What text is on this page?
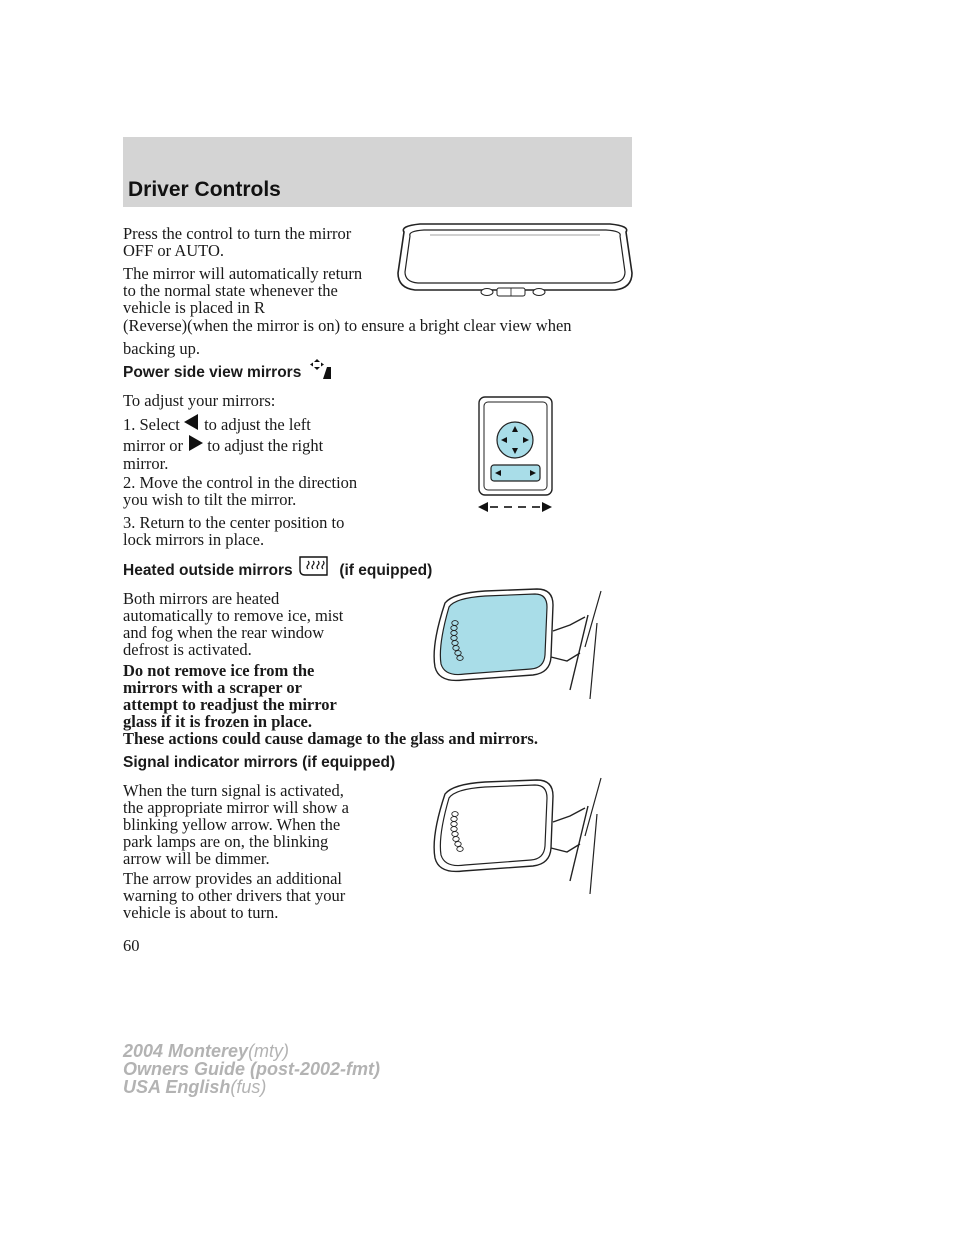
Driver Controls
Press the control to turn the mirror
OFF or AUTO.
The mirror will automatically return
to the normal state whenever the
vehicle is placed in R
(Reverse)(when the mirror is on) to ensure a bright clear view when
backing up.
Power side view mirrors
To adjust your mirrors:
1. Select to adjust the left
mirror or to adjust the right
mirror.
2. Move the control in the direction
you wish to tilt the mirror.
3. Return to the center position to
lock mirrors in place.
Heated outside mirrors	(if equipped)
Both mirrors are heated
automatically to remove ice, mist
and fog when the rear window
defrost is activated.
Do not remove ice from the
mirrors with a scraper or
attempt to readjust the mirror
glass if it is frozen in place.
These actions could cause damage to the glass and mirrors.
Signal indicator mirrors (if equipped)
When the turn signal is activated,
the appropriate mirror will show a
blinking yellow arrow. When the
park lamps are on, the blinking
arrow will be dimmer.
The arrow provides an additional
warning to other drivers that your
vehicle is about to turn.
60
2004 Monterey(mty)
Owners Guide (post-2002-fmt)
USA English(fus)
